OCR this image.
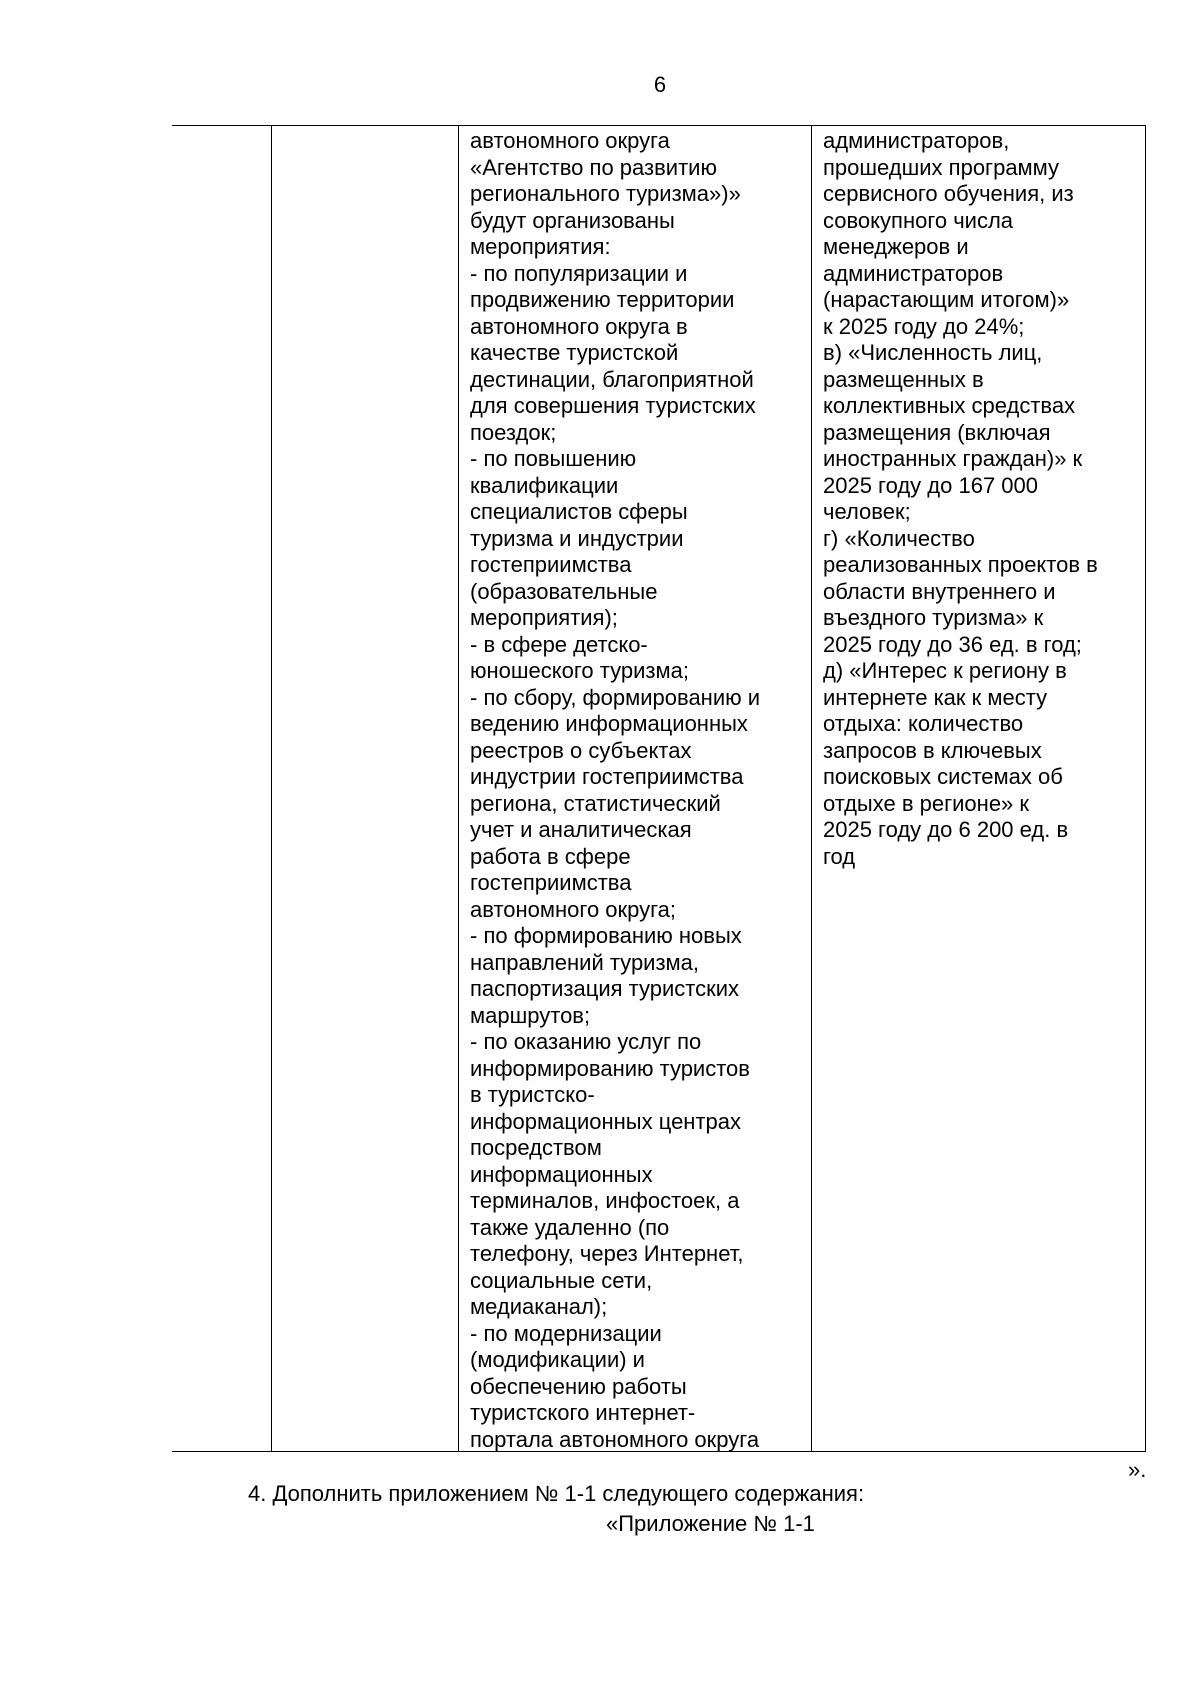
6
автономного округа
«Агентство по развитию
регионального туризма»)»
будут организованы
мероприятия:
- по популяризации и
продвижению территории
автономного округа в
качестве туристской
дестинации, благоприятной
для совершения туристских
поездок;
- по повышению
квалификации
специалистов сферы
туризма и индустрии
гостеприимства
(образовательные
мероприятия);
- в сфере детско-
юношеского туризма;
- по сбору, формированию и
ведению информационных
реестров о субъектах
индустрии гостеприимства
региона, статистический
учет и аналитическая
работа в сфере
гостеприимства
автономного округа;
- по формированию новых
направлений туризма,
паспортизация туристских
маршрутов;
- по оказанию услуг по
информированию туристов
в туристско-
информационных центрах
посредством
информационных
терминалов, инфостоек, а
также удаленно (по
телефону, через Интернет,
социальные сети,
медиаканал);
- по модернизации
(модификации) и
обеспечению работы
туристского интернет-
портала автономного округа
администраторов,
прошедших программу
сервисного обучения, из
совокупного числа
менеджеров и
администраторов
(нарастающим итогом)»
к 2025 году до 24%;
в) «Численность лиц,
размещенных в
коллективных средствах
размещения (включая
иностранных граждан)» к
2025 году до 167 000
человек;
г) «Количество
реализованных проектов в
области внутреннего и
въездного туризма» к
2025 году до 36 ед. в год;
д) «Интерес к региону в
интернете как к месту
отдыха: количество
запросов в ключевых
поисковых системах об
отдыхе в регионе» к
2025 году до 6 200 ед. в
год
».
4. Дополнить приложением № 1-1 следующего содержания:
«Приложение № 1-1
